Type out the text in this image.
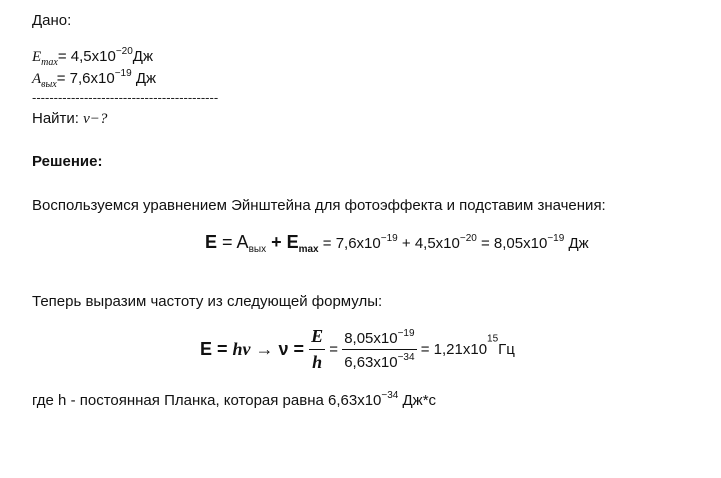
Дано:
$E_{max}= 4,5x10^{-20}Дж$
$A_{вых}= 7,6x10^{-19}$ Дж
-------------------------------------------
Найти: ν−?
Решение:
Воспользуемся уравнением Эйнштейна для фотоэффекта и подставим значения:
$E = A_{вых} + E_{max} = 7,6x10^{-19} + 4,5x10^{-20} = 8,05x10^{-19}$ Дж
Теперь выразим частоту из следующей формулы:
$E = h\nu \to \nu = \frac{E}{h} = \frac{8,05x10^{-19}}{6,63x10^{-34}} = 1,21x10^{15}Гц$
где h - постоянная Планка, которая равна $6,63x10^{-34}$ Дж*с
